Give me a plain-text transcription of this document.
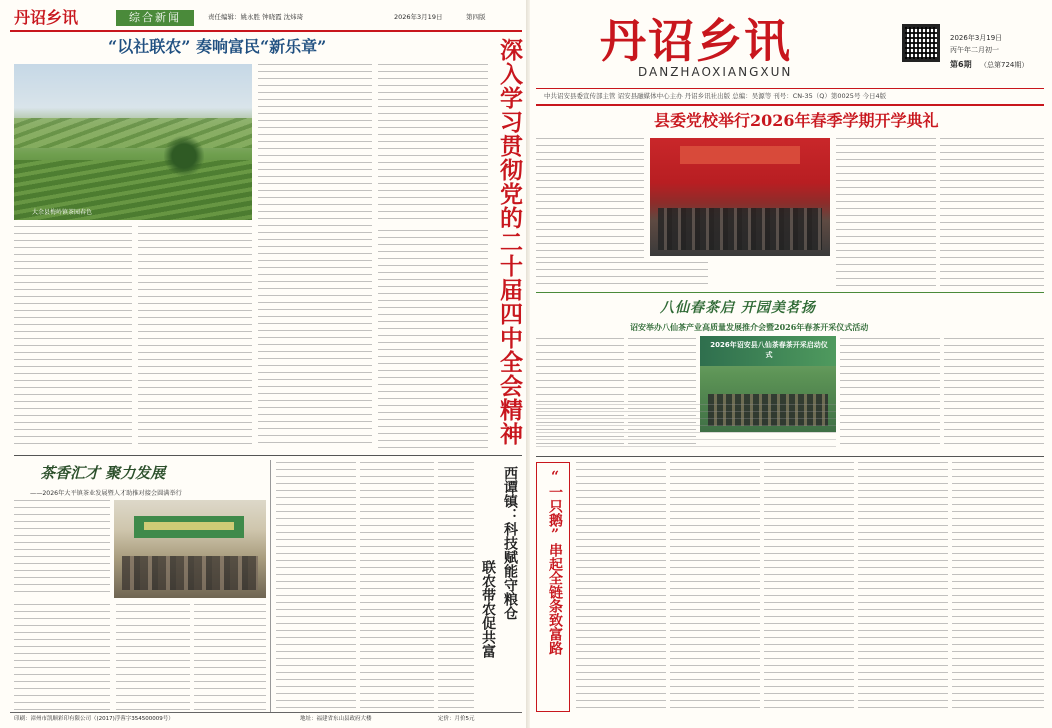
丹诏乡讯	综合新闻	责任编辑：姚永胜 钟晓霞 沈炜琦	2026年3月19日	第四版
“以社联农” 奏响富民“新乐章”
大余县梅岭镇茶园春色
深入学习贯彻党的二十届四中全会精神
茶香汇才 聚力发展
——2026年大平镇茶业发展暨人才助推对接会圆满举行	西谭镇：科技赋能守粮仓
联农带农促共富
印刷：漳州市凯顺彩印有限公司（(2017)浮蓉字354500009号）	地址：福建省东山县政府大楼	定价：月价5元
丹诏乡讯
DANZHAOXIANGXUN
2026年3月19日
丙午年二月初一
第6期 （总第724期）
中共诏安县委宣传部主管 诏安县融媒体中心主办 丹诏乡讯社出版 总编：吴源等 刊号：CN-35（Q）第0025号 今日4版
县委党校举行2026年春季学期开学典礼
八仙春茶启 开园美茗扬
诏安举办八仙茶产业高质量发展推介会暨2026年春茶开采仪式活动
2026年诏安县八仙茶春茶开采启动仪式
“一只鹅”串起全链条致富路
